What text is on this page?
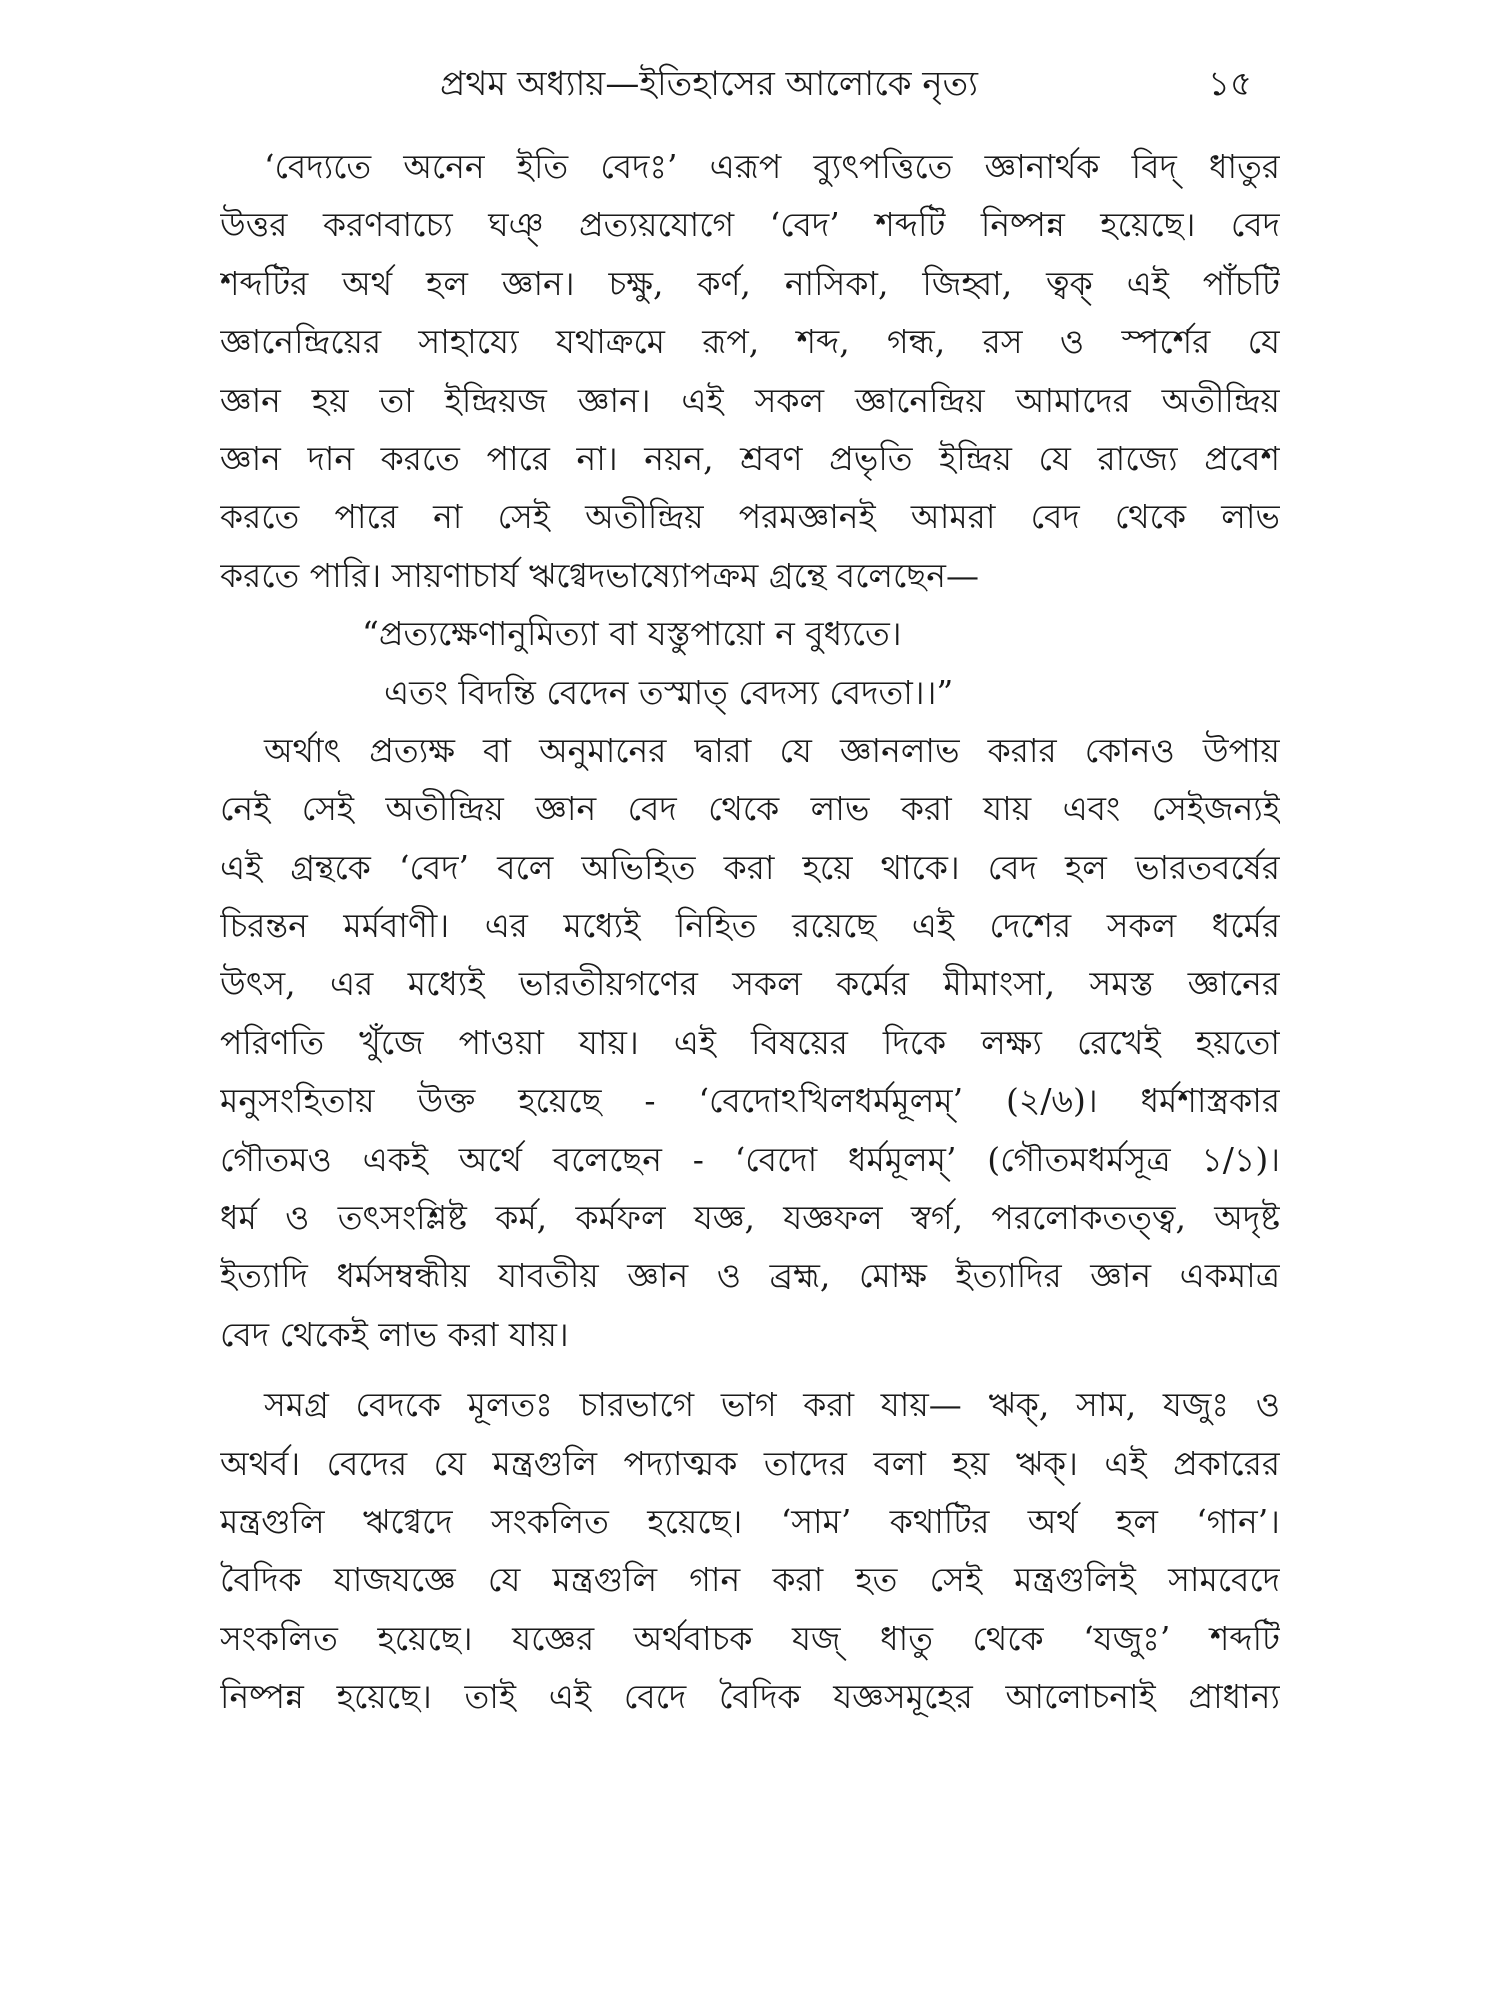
প্রথম অধ্যায়—ইতিহাসের আলোকে নৃত্য	১৫
‘বেদ্যতে অনেন ইতি বেদঃ’ এরূপ ব্যুৎপত্তিতে জ্ঞানার্থক বিদ্ ধাতুর
উত্তর করণবাচ্যে ঘঞ্ প্রত্যয়যোগে ‘বেদ’ শব্দটি নিষ্পন্ন হয়েছে। বেদ
শব্দটির অর্থ হল জ্ঞান। চক্ষু, কর্ণ, নাসিকা, জিহ্বা, ত্বক্ এই পাঁচটি
জ্ঞানেন্দ্রিয়ের সাহায্যে যথাক্রমে রূপ, শব্দ, গন্ধ, রস ও স্পর্শের যে
জ্ঞান হয় তা ইন্দ্রিয়জ জ্ঞান। এই সকল জ্ঞানেন্দ্রিয় আমাদের অতীন্দ্রিয়
জ্ঞান দান করতে পারে না। নয়ন, শ্রবণ প্রভৃতি ইন্দ্রিয় যে রাজ্যে প্রবেশ
করতে পারে না সেই অতীন্দ্রিয় পরমজ্ঞানই আমরা বেদ থেকে লাভ
করতে পারি। সায়ণাচার্য ঋগ্বেদভাষ্যোপক্রম গ্রন্থে বলেছেন—
“প্রত্যক্ষেণানুমিত্যা বা যস্তুপায়ো ন বুধ্যতে।
এতং বিদন্তি বেদেন তস্মাত্ বেদস্য বেদতা।।”
অর্থাৎ প্রত্যক্ষ বা অনুমানের দ্বারা যে জ্ঞানলাভ করার কোনও উপায়
নেই সেই অতীন্দ্রিয় জ্ঞান বেদ থেকে লাভ করা যায় এবং সেইজন্যই
এই গ্রন্থকে ‘বেদ’ বলে অভিহিত করা হয়ে থাকে। বেদ হল ভারতবর্ষের
চিরন্তন মর্মবাণী। এর মধ্যেই নিহিত রয়েছে এই দেশের সকল ধর্মের
উৎস, এর মধ্যেই ভারতীয়গণের সকল কর্মের মীমাংসা, সমস্ত জ্ঞানের
পরিণতি খুঁজে পাওয়া যায়। এই বিষয়ের দিকে লক্ষ্য রেখেই হয়তো
মনুসংহিতায় উক্ত হয়েছে - ‘বেদোঽখিলধর্মমূলম্’ (২/৬)। ধর্মশাস্ত্রকার
গৌতমও একই অর্থে বলেছেন - ‘বেদো ধর্মমূলম্’ (গৌতমধর্মসূত্র ১/১)।
ধর্ম ও তৎসংশ্লিষ্ট কর্ম, কর্মফল যজ্ঞ, যজ্ঞফল স্বর্গ, পরলোকতত্ত্ব, অদৃষ্ট
ইত্যাদি ধর্মসম্বন্ধীয় যাবতীয় জ্ঞান ও ব্রহ্ম, মোক্ষ ইত্যাদির জ্ঞান একমাত্র
বেদ থেকেই লাভ করা যায়।
সমগ্র বেদকে মূলতঃ চারভাগে ভাগ করা যায়— ঋক্, সাম, যজুঃ ও
অথর্ব। বেদের যে মন্ত্রগুলি পদ্যাত্মক তাদের বলা হয় ঋক্। এই প্রকারের
মন্ত্রগুলি ঋগ্বেদে সংকলিত হয়েছে। ‘সাম’ কথাটির অর্থ হল ‘গান’।
বৈদিক যাজযজ্ঞে যে মন্ত্রগুলি গান করা হত সেই মন্ত্রগুলিই সামবেদে
সংকলিত হয়েছে। যজ্ঞের অর্থবাচক যজ্ ধাতু থেকে ‘যজুঃ’ শব্দটি
নিষ্পন্ন হয়েছে। তাই এই বেদে বৈদিক যজ্ঞসমূহের আলোচনাই প্রাধান্য
